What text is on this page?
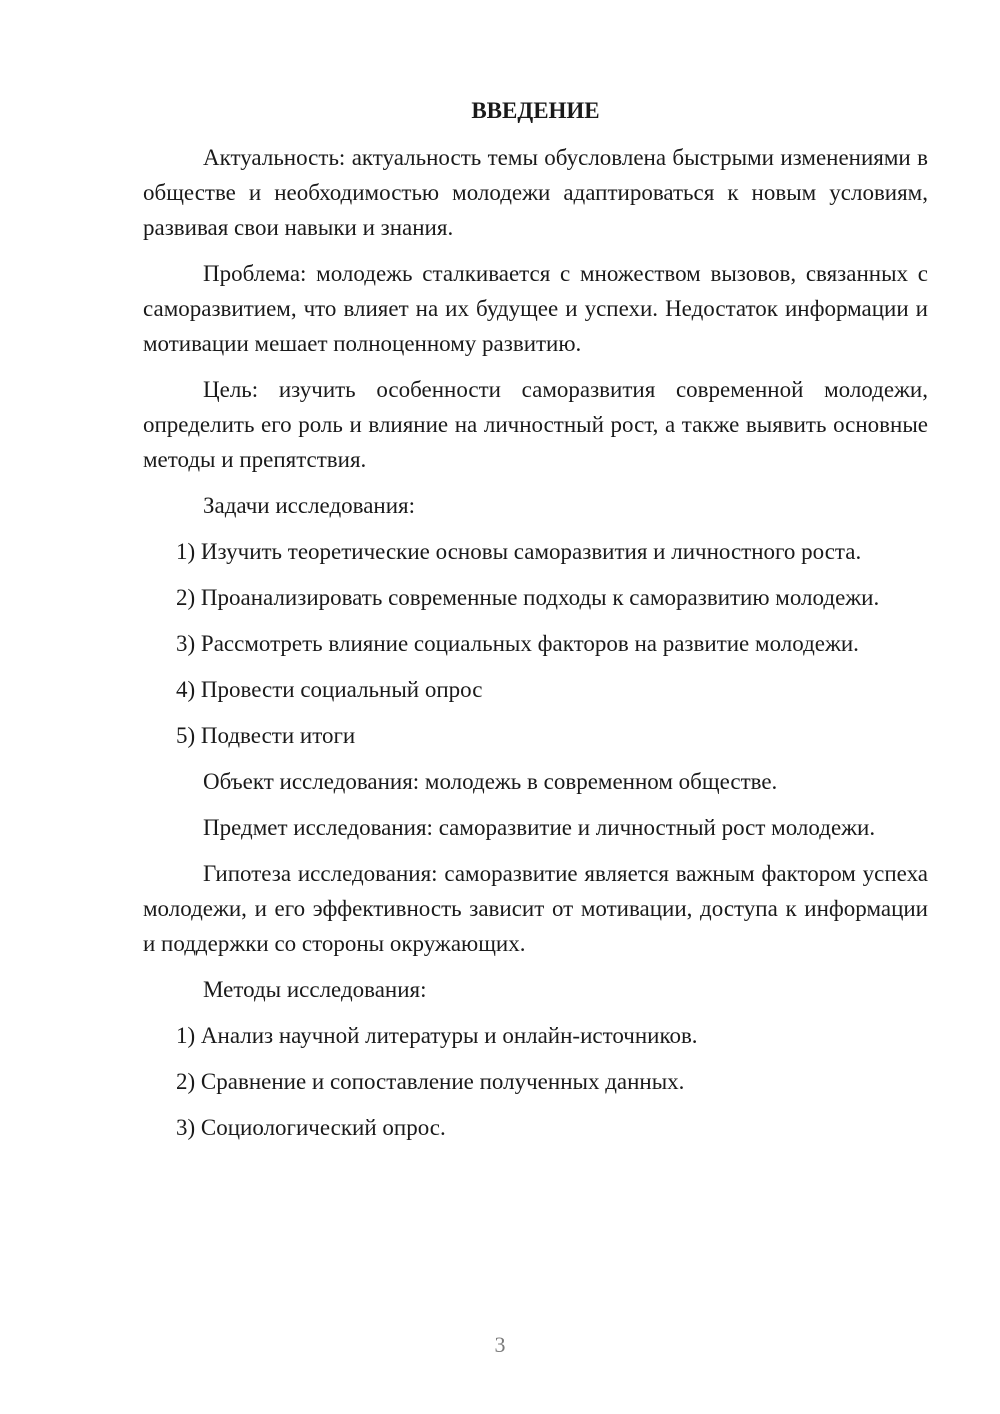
ВВЕДЕНИЕ

Актуальность: актуальность темы обусловлена быстрыми изменениями в обществе и необходимостью молодежи адаптироваться к новым условиям, развивая свои навыки и знания.

Проблема: молодежь сталкивается с множеством вызовов, связанных с саморазвитием, что влияет на их будущее и успехи. Недостаток информации и мотивации мешает полноценному развитию.

Цель: изучить особенности саморазвития современной молодежи, определить его роль и влияние на личностный рост, а также выявить основные методы и препятствия.

Задачи исследования:

1) Изучить теоретические основы саморазвития и личностного роста.

2) Проанализировать современные подходы к саморазвитию молодежи.

3) Рассмотреть влияние социальных факторов на развитие молодежи.

4) Провести социальный опрос

5) Подвести итоги

Объект исследования: молодежь в современном обществе.

Предмет исследования: саморазвитие и личностный рост молодежи.

Гипотеза исследования: саморазвитие является важным фактором успеха молодежи, и его эффективность зависит от мотивации, доступа к информации и поддержки со стороны окружающих.

Методы исследования:

1) Анализ научной литературы и онлайн-источников.

2) Сравнение и сопоставление полученных данных.

3) Социологический опрос.

3
